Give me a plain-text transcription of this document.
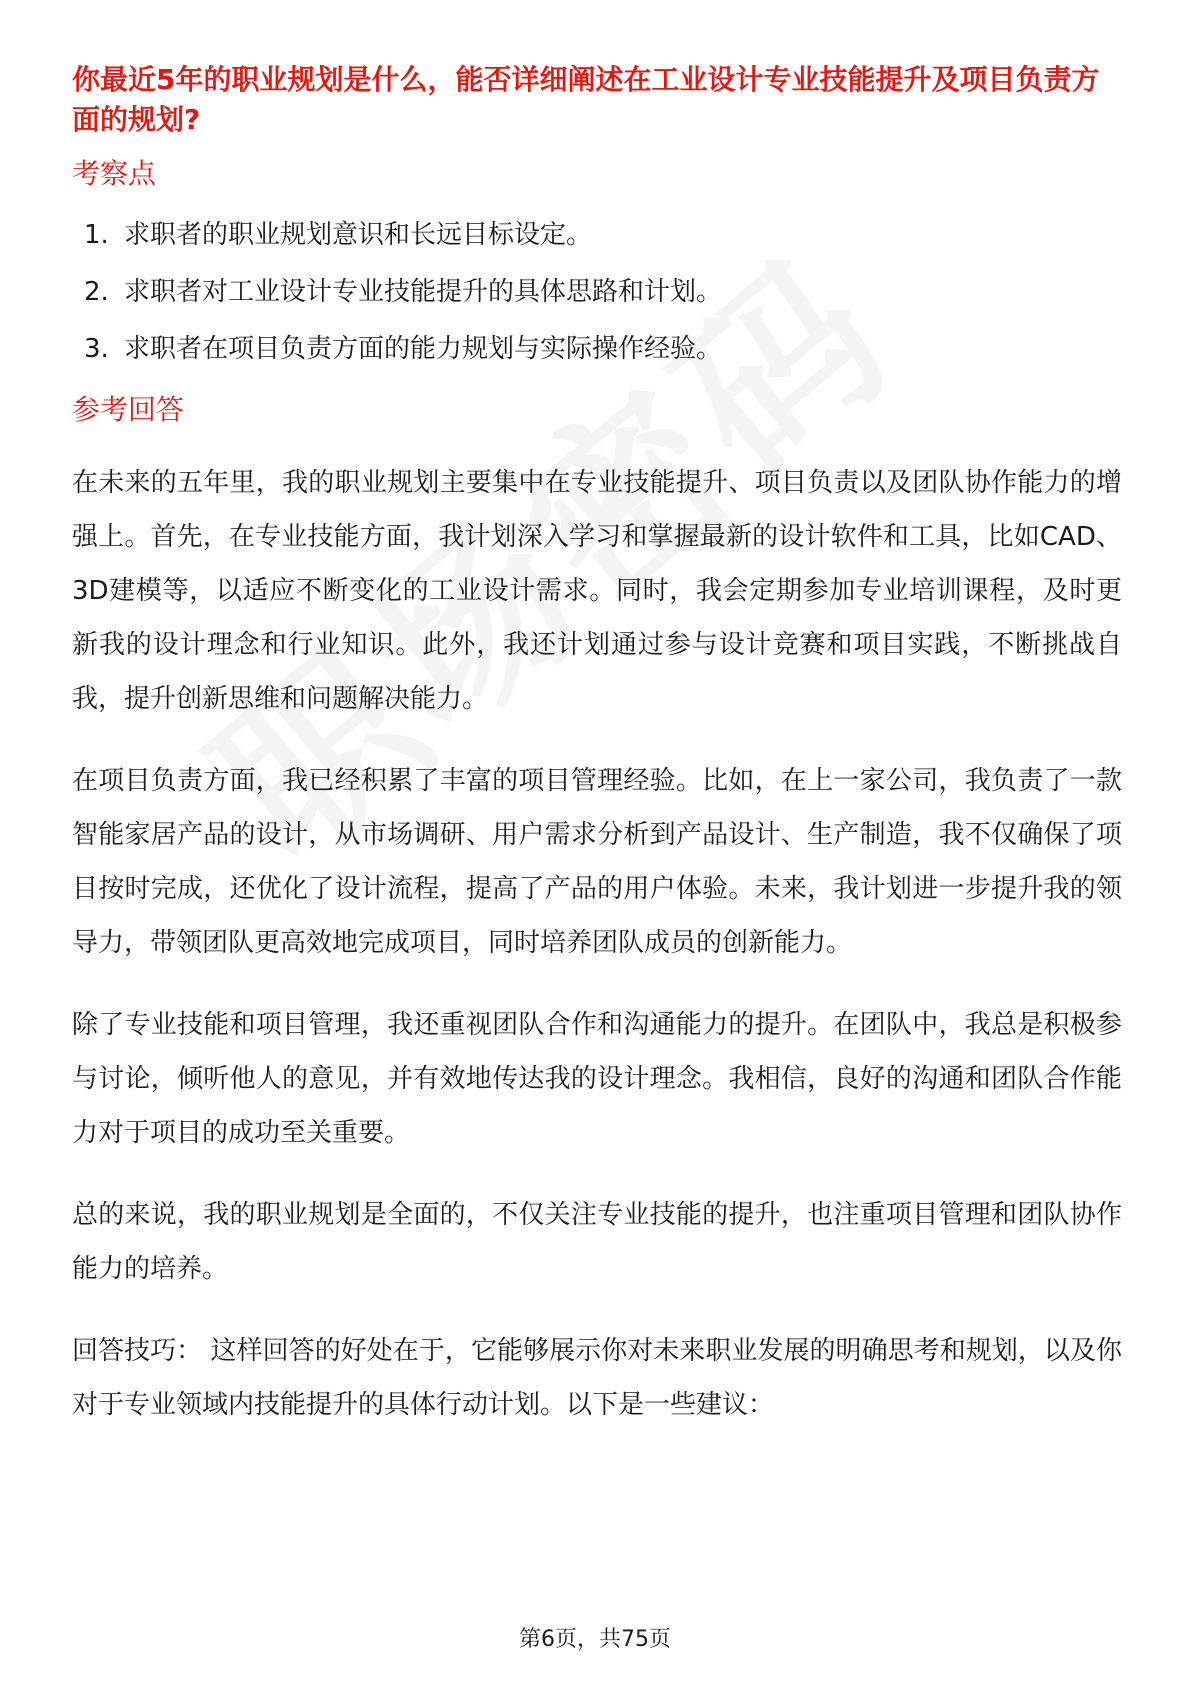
你最近5年的职业规划是什么，能否详细阐述在工业设计专业技能提升及项目负责方面的规划?

考察点

1. 求职者的职业规划意识和长远目标设定。
2. 求职者对工业设计专业技能提升的具体思路和计划。
3. 求职者在项目负责方面的能力规划与实际操作经验。

参考回答

在未来的五年里，我的职业规划主要集中在专业技能提升、项目负责以及团队协作能力的增强上。首先，在专业技能方面，我计划深入学习和掌握最新的设计软件和工具，比如CAD、3D建模等，以适应不断变化的工业设计需求。同时，我会定期参加专业培训课程，及时更新我的设计理念和行业知识。此外，我还计划通过参与设计竞赛和项目实践，不断挑战自我，提升创新思维和问题解决能力。

在项目负责方面，我已经积累了丰富的项目管理经验。比如，在上一家公司，我负责了一款智能家居产品的设计，从市场调研、用户需求分析到产品设计、生产制造，我不仅确保了项目按时完成，还优化了设计流程，提高了产品的用户体验。未来，我计划进一步提升我的领导力，带领团队更高效地完成项目，同时培养团队成员的创新能力。

除了专业技能和项目管理，我还重视团队合作和沟通能力的提升。在团队中，我总是积极参与讨论，倾听他人的意见，并有效地传达我的设计理念。我相信，良好的沟通和团队合作能力对于项目的成功至关重要。

总的来说，我的职业规划是全面的，不仅关注专业技能的提升，也注重项目管理和团队协作能力的培养。

回答技巧： 这样回答的好处在于，它能够展示你对未来职业发展的明确思考和规划，以及你对于专业领域内技能提升的具体行动计划。以下是一些建议：

第6页，共75页
